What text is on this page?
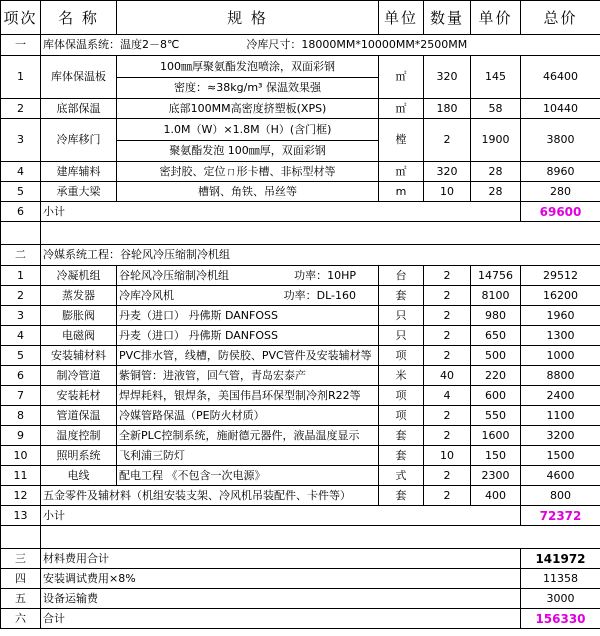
项次	名 称	规 格	单位	数量	单价	总价
一	库体保温系统：温度2－8℃ 冷库尺寸：18000MM*10000MM*2500MM					
1	库体保温板	100㎜厚聚氨酯发泡喷涂，双面彩钢
密度：≈38kg/m³ 保温效果强	㎡	320	145	46400
2	底部保温	底部100MM高密度挤塑板(XPS)	㎡	180	58	10440
3	冷库移门	1.0M（W）×1.8M（H）(含门框)
聚氨酯发泡 100㎜厚，双面彩钢	樘	2	1900	3800
4	建库辅料	密封胶、定位ㄇ形卡槽、非标型材等	㎡	320	28	8960
5	承重大梁	槽钢、角铁、吊丝等	m	10	28	280
6	小计					69600

二	冷媒系统工程：谷轮风冷压缩制冷机组					
1	冷凝机组	谷轮风冷压缩制冷机组 功率：10HP	台	2	14756	29512
2	蒸发器	冷库冷风机 功率：DL-160	套	2	8100	16200
3	膨胀阀	丹麦（进口） 丹佛斯 DANFOSS	只	2	980	1960
4	电磁阀	丹麦（进口） 丹佛斯 DANFOSS	只	2	650	1300
5	安装辅材料	PVC排水管，线槽，防侯胶、PVC管件及安装辅材等	项	2	500	1000
6	制冷管道	紫铜管：进液管，回气管，青岛宏泰产	米	40	220	8800
7	安装耗材	焊焊耗料，银焊条，美国伟昌环保型制冷剂R22等	项	4	600	2400
8	管道保温	冷媒管路保温（PE防火材质）	项	2	550	1100
9	温度控制	全新PLC控制系统，施耐德元器件，液晶温度显示	套	2	1600	3200
10	照明系统	飞利浦三防灯	套	10	150	1500
11	电线	配电工程 《不包含一次电源》	式	2	2300	4600
12	五金零件及辅材料（机组安装支架、冷风机吊装配件、卡件等）		套	2	400	800
13	小计					72372

三	材料费用合计					141972
四	安装调试费用×8%					11358
五	设备运输费					3000
六	合计					156330
